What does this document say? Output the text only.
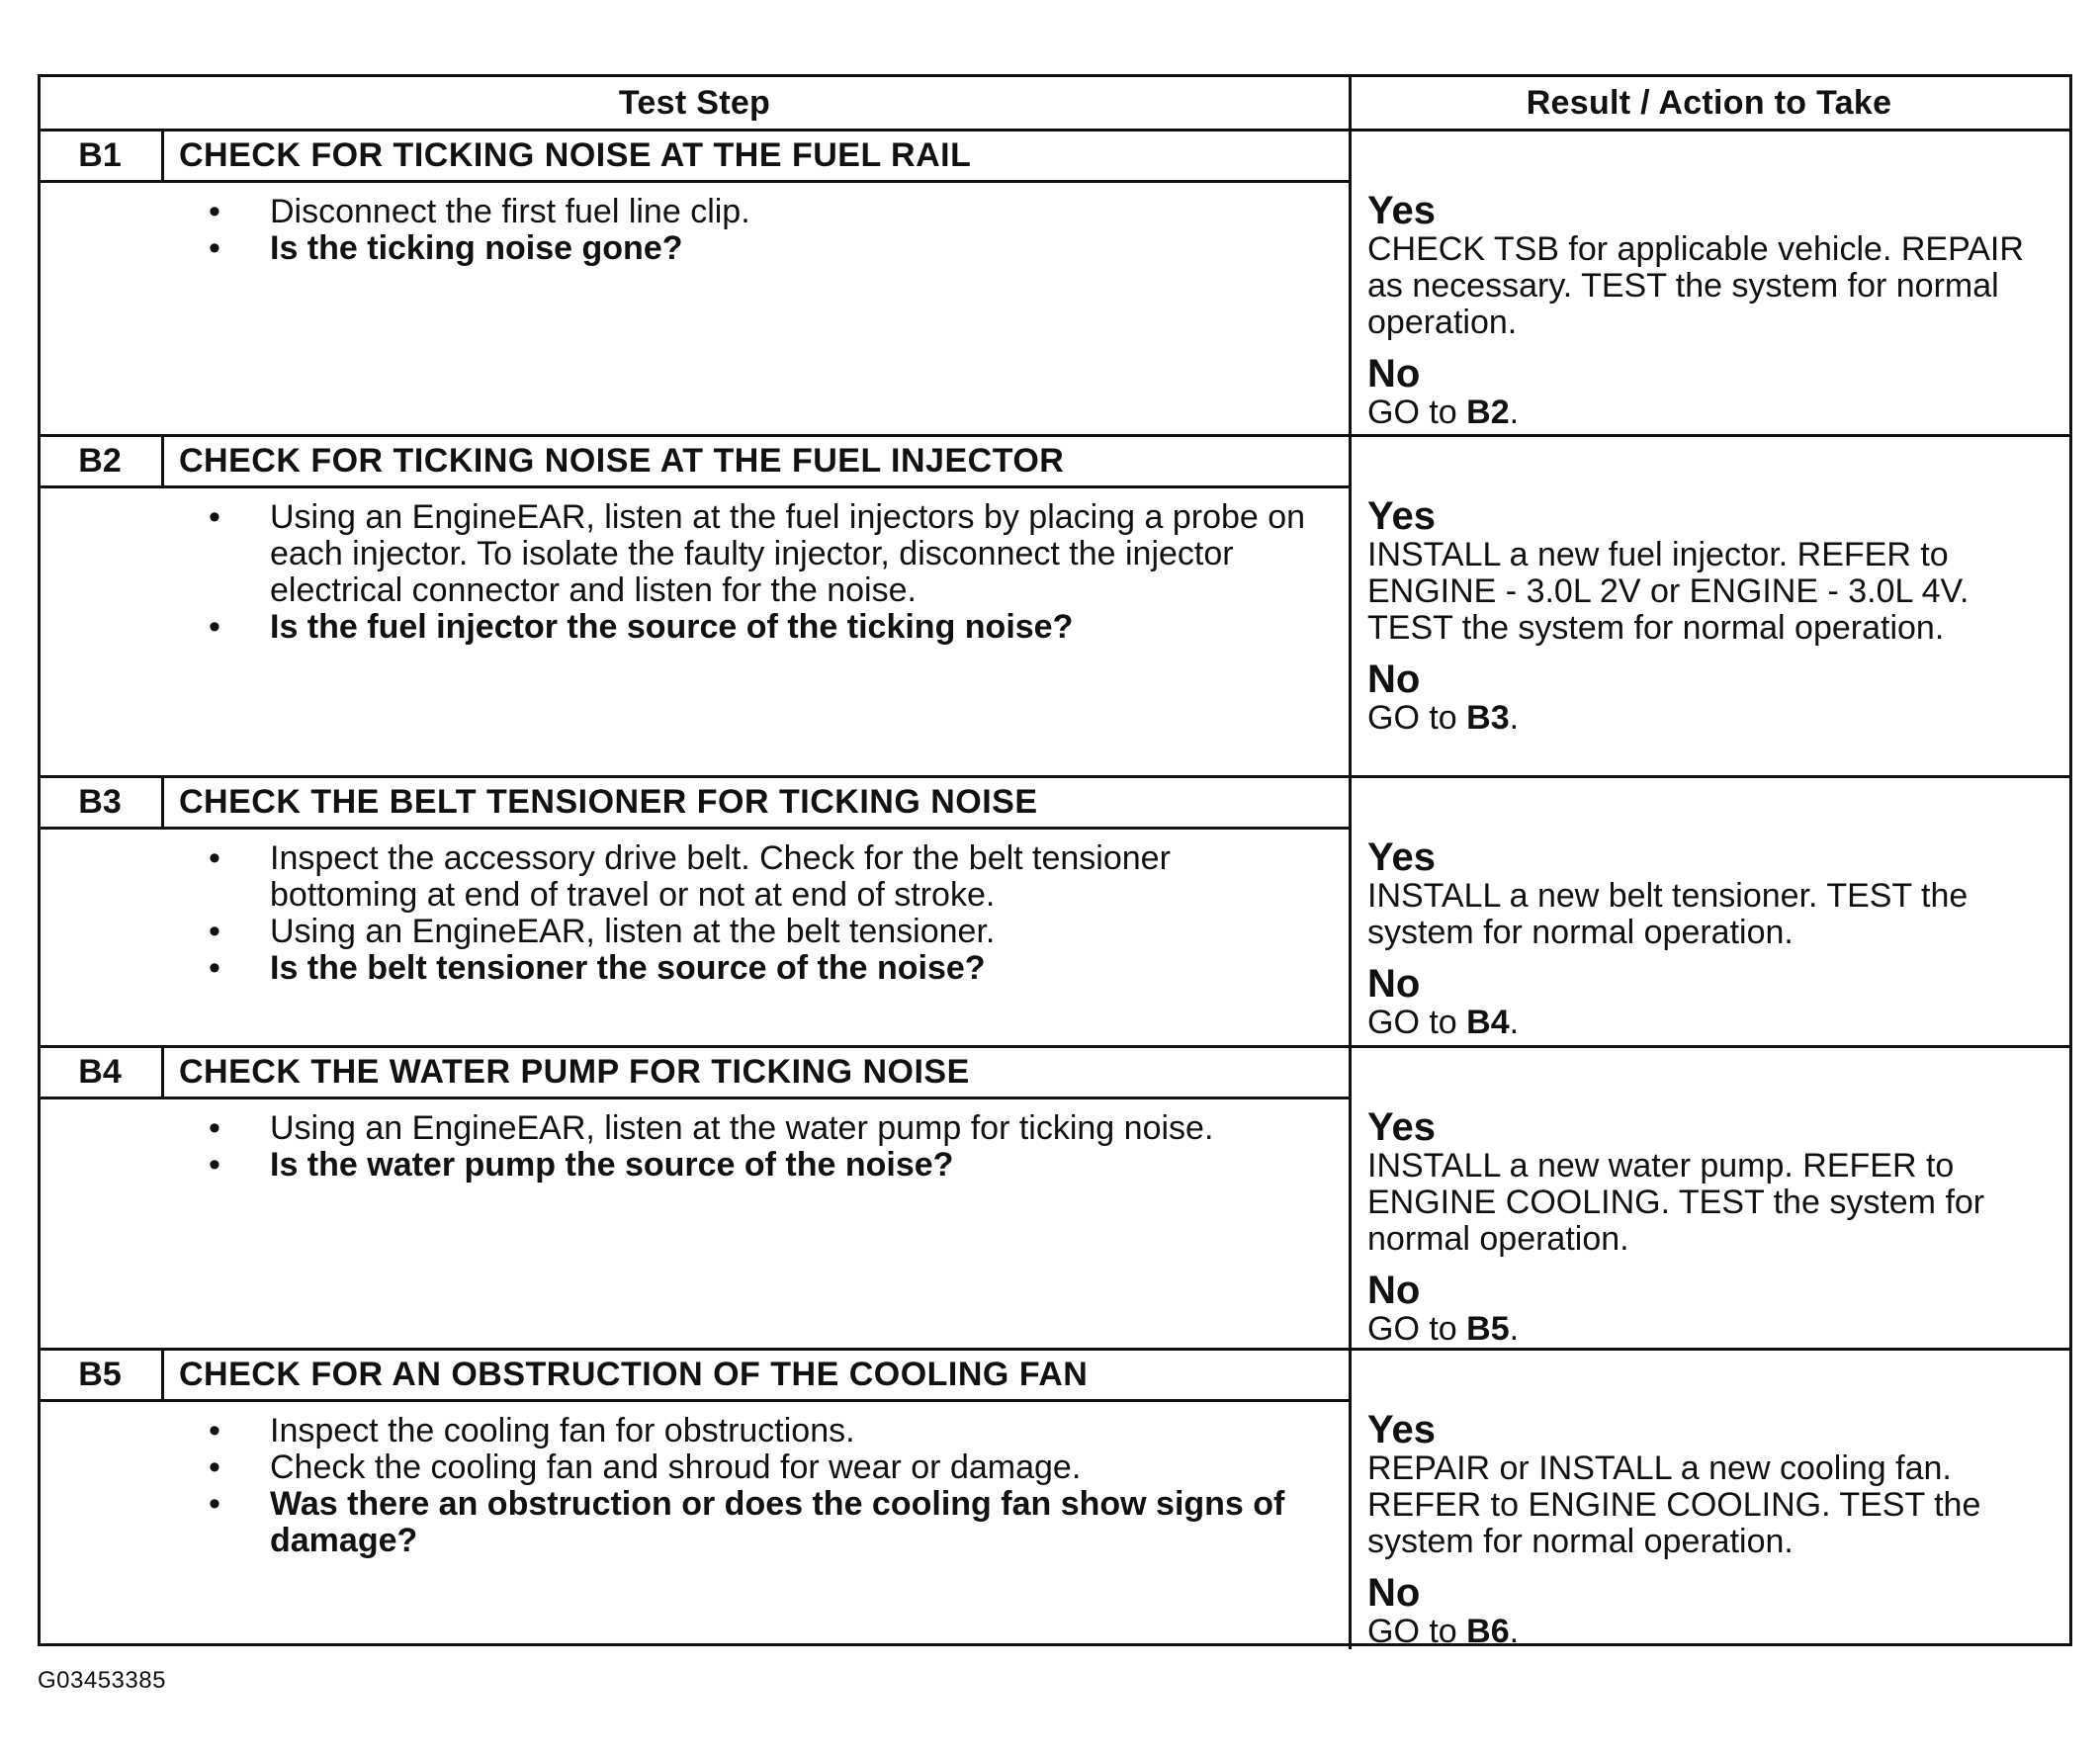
Test Step	Result / Action to Take
B1	CHECK FOR TICKING NOISE AT THE FUEL RAIL
• Disconnect the first fuel line clip.
• Is the ticking noise gone?
Yes
CHECK TSB for applicable vehicle. REPAIR as necessary. TEST the system for normal operation.
No
GO to B2.
B2	CHECK FOR TICKING NOISE AT THE FUEL INJECTOR
• Using an EngineEAR, listen at the fuel injectors by placing a probe on each injector. To isolate the faulty injector, disconnect the injector electrical connector and listen for the noise.
• Is the fuel injector the source of the ticking noise?
Yes
INSTALL a new fuel injector. REFER to ENGINE - 3.0L 2V or ENGINE - 3.0L 4V. TEST the system for normal operation.
No
GO to B3.
B3	CHECK THE BELT TENSIONER FOR TICKING NOISE
• Inspect the accessory drive belt. Check for the belt tensioner bottoming at end of travel or not at end of stroke.
• Using an EngineEAR, listen at the belt tensioner.
• Is the belt tensioner the source of the noise?
Yes
INSTALL a new belt tensioner. TEST the system for normal operation.
No
GO to B4.
B4	CHECK THE WATER PUMP FOR TICKING NOISE
• Using an EngineEAR, listen at the water pump for ticking noise.
• Is the water pump the source of the noise?
Yes
INSTALL a new water pump. REFER to ENGINE COOLING. TEST the system for normal operation.
No
GO to B5.
B5	CHECK FOR AN OBSTRUCTION OF THE COOLING FAN
• Inspect the cooling fan for obstructions.
• Check the cooling fan and shroud for wear or damage.
• Was there an obstruction or does the cooling fan show signs of damage?
Yes
REPAIR or INSTALL a new cooling fan. REFER to ENGINE COOLING. TEST the system for normal operation.
No
GO to B6.
G03453385
